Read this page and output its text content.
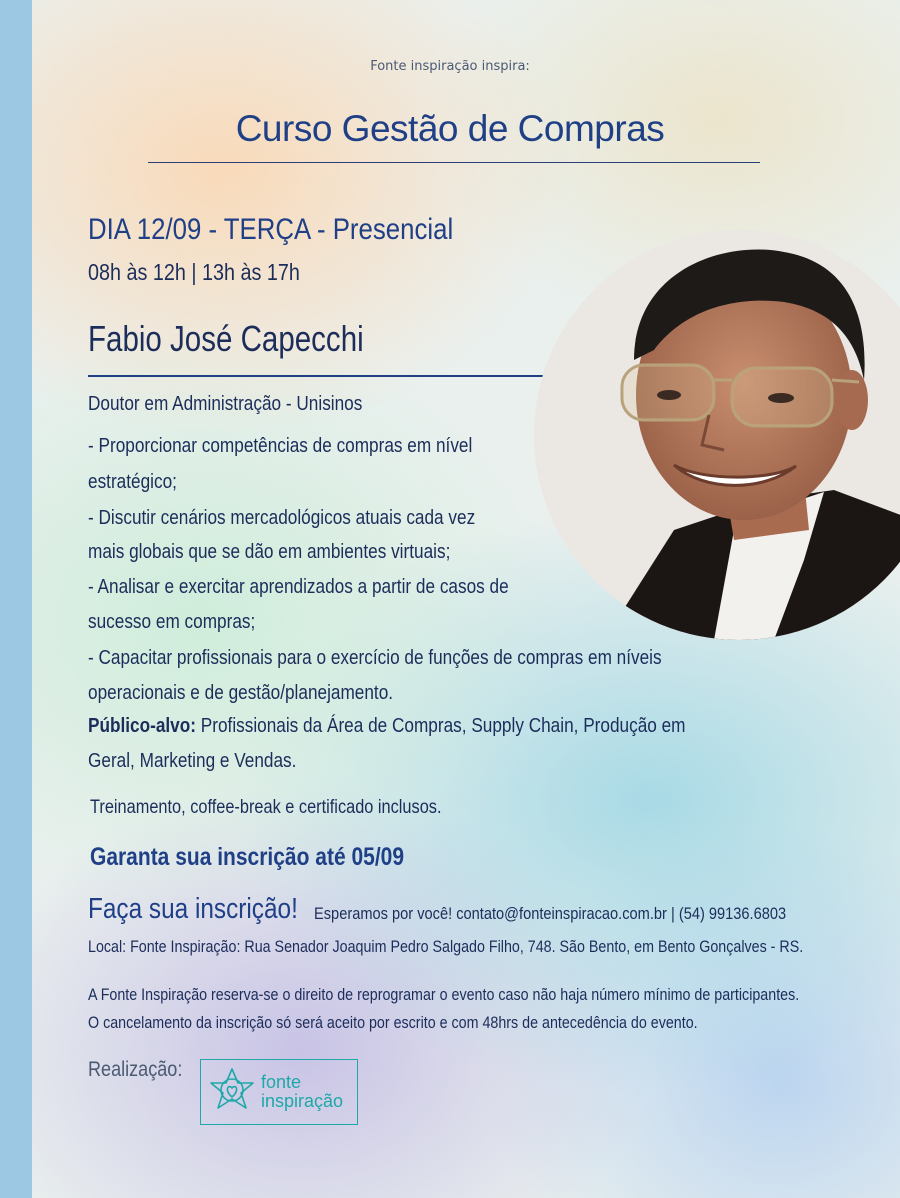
Fonte inspiração inspira:
Curso Gestão de Compras
DIA 12/09 - TERÇA - Presencial
08h às 12h | 13h às 17h
Fabio José Capecchi
Doutor em Administração - Unisinos
- Proporcionar competências de compras em nível
estratégico;
- Discutir cenários mercadológicos atuais cada vez
mais globais que se dão em ambientes virtuais;
- Analisar e exercitar aprendizados a partir de casos de
sucesso em compras;
- Capacitar profissionais para o exercício de funções de compras em níveis
operacionais e de gestão/planejamento.
Público-alvo: Profissionais da Área de Compras, Supply Chain, Produção em
Geral, Marketing e Vendas.
Treinamento, coffee-break e certificado inclusos.
Garanta sua inscrição até 05/09
Faça sua inscrição! Esperamos por você! contato@fonteinspiracao.com.br | (54) 99136.6803
Local: Fonte Inspiração: Rua Senador Joaquim Pedro Salgado Filho, 748. São Bento, em Bento Gonçalves - RS.
A Fonte Inspiração reserva-se o direito de reprogramar o evento caso não haja número mínimo de participantes.
O cancelamento da inscrição só será aceito por escrito e com 48hrs de antecedência do evento.
Realização:
fonte
inspiração
